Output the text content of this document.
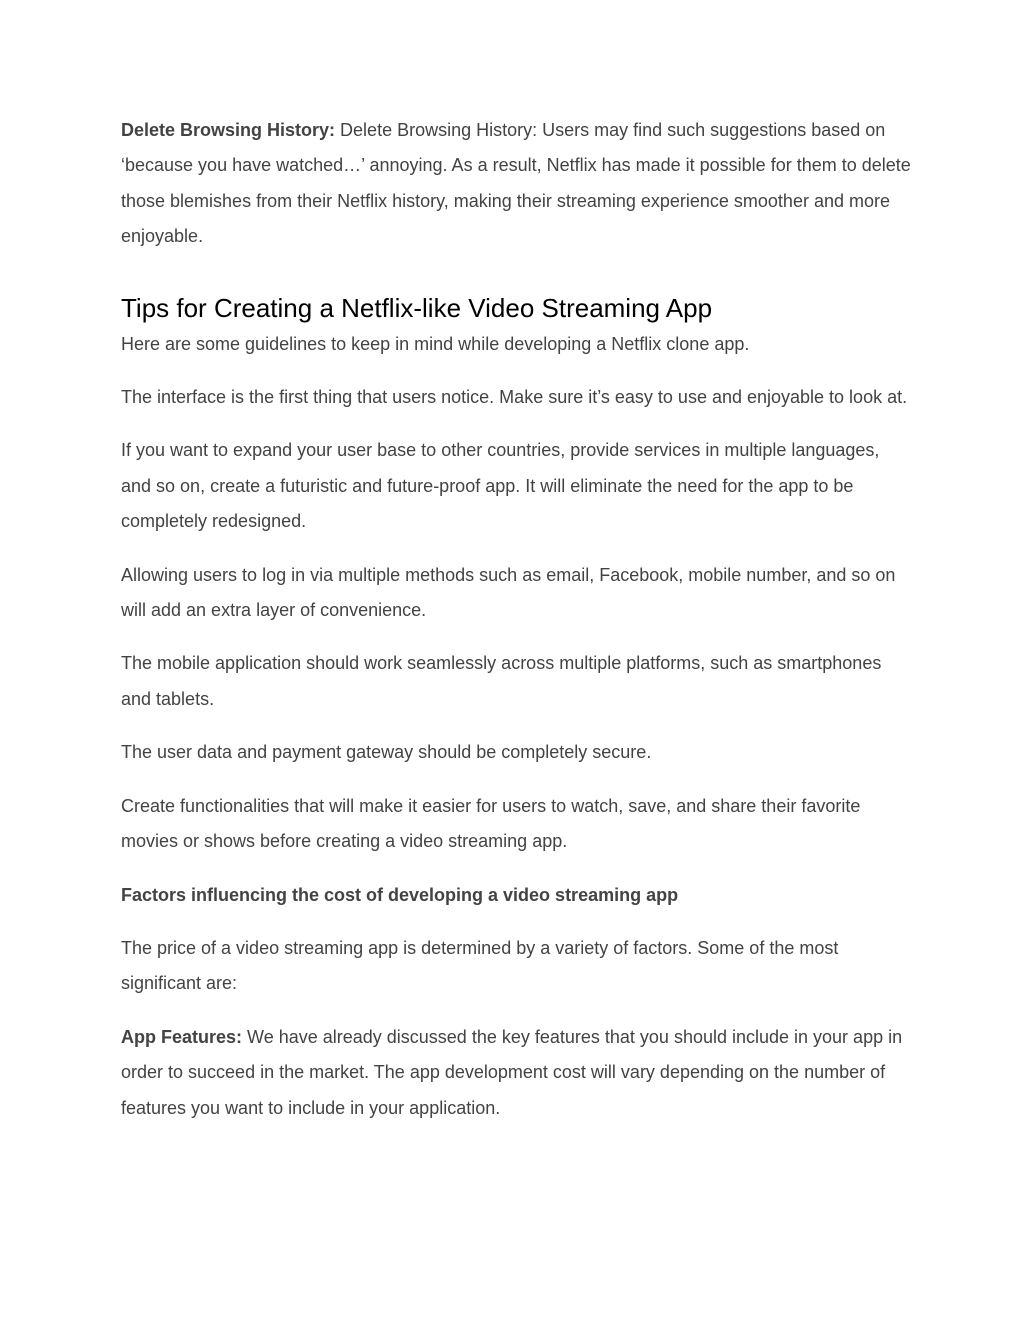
Delete Browsing History: Delete Browsing History: Users may find such suggestions based on ‘because you have watched…’ annoying. As a result, Netflix has made it possible for them to delete those blemishes from their Netflix history, making their streaming experience smoother and more enjoyable.

Tips for Creating a Netflix-like Video Streaming App

Here are some guidelines to keep in mind while developing a Netflix clone app.

The interface is the first thing that users notice. Make sure it’s easy to use and enjoyable to look at.

If you want to expand your user base to other countries, provide services in multiple languages, and so on, create a futuristic and future-proof app. It will eliminate the need for the app to be completely redesigned.

Allowing users to log in via multiple methods such as email, Facebook, mobile number, and so on will add an extra layer of convenience.

The mobile application should work seamlessly across multiple platforms, such as smartphones and tablets.

The user data and payment gateway should be completely secure.

Create functionalities that will make it easier for users to watch, save, and share their favorite movies or shows before creating a video streaming app.

Factors influencing the cost of developing a video streaming app

The price of a video streaming app is determined by a variety of factors. Some of the most significant are:

App Features: We have already discussed the key features that you should include in your app in order to succeed in the market. The app development cost will vary depending on the number of features you want to include in your application.
